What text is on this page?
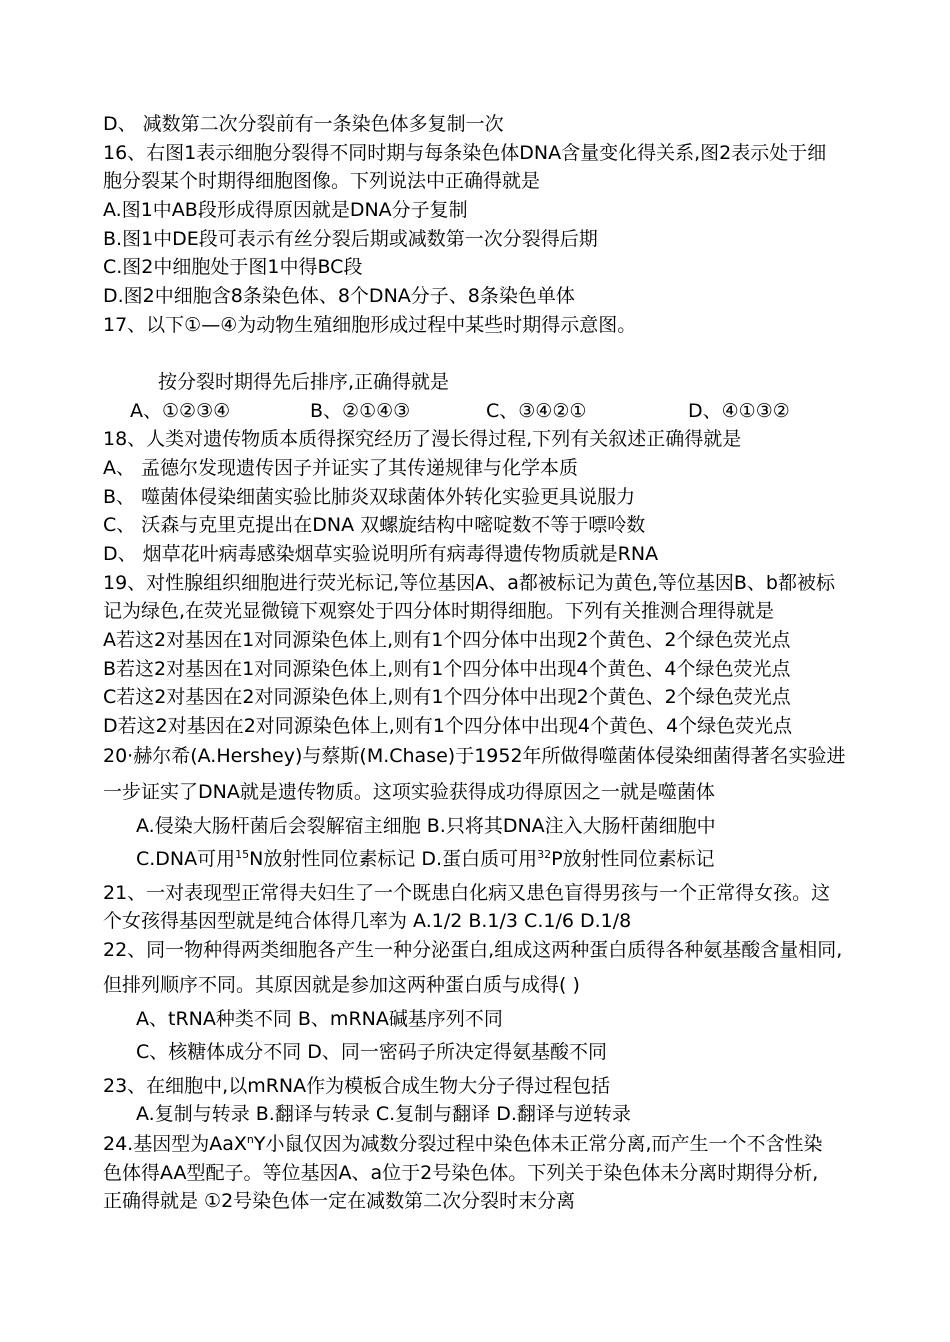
D、 减数第二次分裂前有一条染色体多复制一次
16、右图1表示细胞分裂得不同时期与每条染色体DNA含量变化得关系,图2表示处于细
胞分裂某个时期得细胞图像。下列说法中正确得就是
A.图1中AB段形成得原因就是DNA分子复制
B.图1中DE段可表示有丝分裂后期或减数第一次分裂得后期
C.图2中细胞处于图1中得BC段
D.图2中细胞含8条染色体、8个DNA分子、8条染色单体
17、以下①—④为动物生殖细胞形成过程中某些时期得示意图。
按分裂时期得先后排序,正确得就是
A、①②③④	B、②①④③	C、③④②①	D、④①③②
18、人类对遗传物质本质得探究经历了漫长得过程,下列有关叙述正确得就是
A、 孟德尔发现遗传因子并证实了其传递规律与化学本质
B、 噬菌体侵染细菌实验比肺炎双球菌体外转化实验更具说服力
C、 沃森与克里克提出在DNA 双螺旋结构中嘧啶数不等于嘌呤数
D、 烟草花叶病毒感染烟草实验说明所有病毒得遗传物质就是RNA
19、对性腺组织细胞进行荧光标记,等位基因A、a都被标记为黄色,等位基因B、b都被标
记为绿色,在荧光显微镜下观察处于四分体时期得细胞。下列有关推测合理得就是
A若这2对基因在1对同源染色体上,则有1个四分体中出现2个黄色、2个绿色荧光点
B若这2对基因在1对同源染色体上,则有1个四分体中出现4个黄色、4个绿色荧光点
C若这2对基因在2对同源染色体上,则有1个四分体中出现2个黄色、2个绿色荧光点
D若这2对基因在2对同源染色体上,则有1个四分体中出现4个黄色、4个绿色荧光点
20·赫尔希(A.Hershey)与蔡斯(M.Chase)于1952年所做得噬菌体侵染细菌得著名实验进
一步证实了DNA就是遗传物质。这项实验获得成功得原因之一就是噬菌体
A.侵染大肠杆菌后会裂解宿主细胞 B.只将其DNA注入大肠杆菌细胞中
C.DNA可用$^{15}$N放射性同位素标记 D.蛋白质可用$^{32}$P放射性同位素标记
21、一对表现型正常得夫妇生了一个既患白化病又患色盲得男孩与一个正常得女孩。这
个女孩得基因型就是纯合体得几率为 A.1/2 B.1/3 C.1/6 D.1/8
22、同一物种得两类细胞各产生一种分泌蛋白,组成这两种蛋白质得各种氨基酸含量相同,
但排列顺序不同。其原因就是参加这两种蛋白质与成得( )
A、tRNA种类不同 B、mRNA碱基序列不同
C、核糖体成分不同 D、同一密码子所决定得氨基酸不同
23、在细胞中,以mRNA作为模板合成生物大分子得过程包括
A.复制与转录 B.翻译与转录 C.复制与翻译 D.翻译与逆转录
24.基因型为AaX$^n$Y小鼠仅因为减数分裂过程中染色体未正常分离,而产生一个不含性染
色体得AA型配子。等位基因A、a位于2号染色体。下列关于染色体未分离时期得分析,
正确得就是 ①2号染色体一定在减数第二次分裂时末分离
